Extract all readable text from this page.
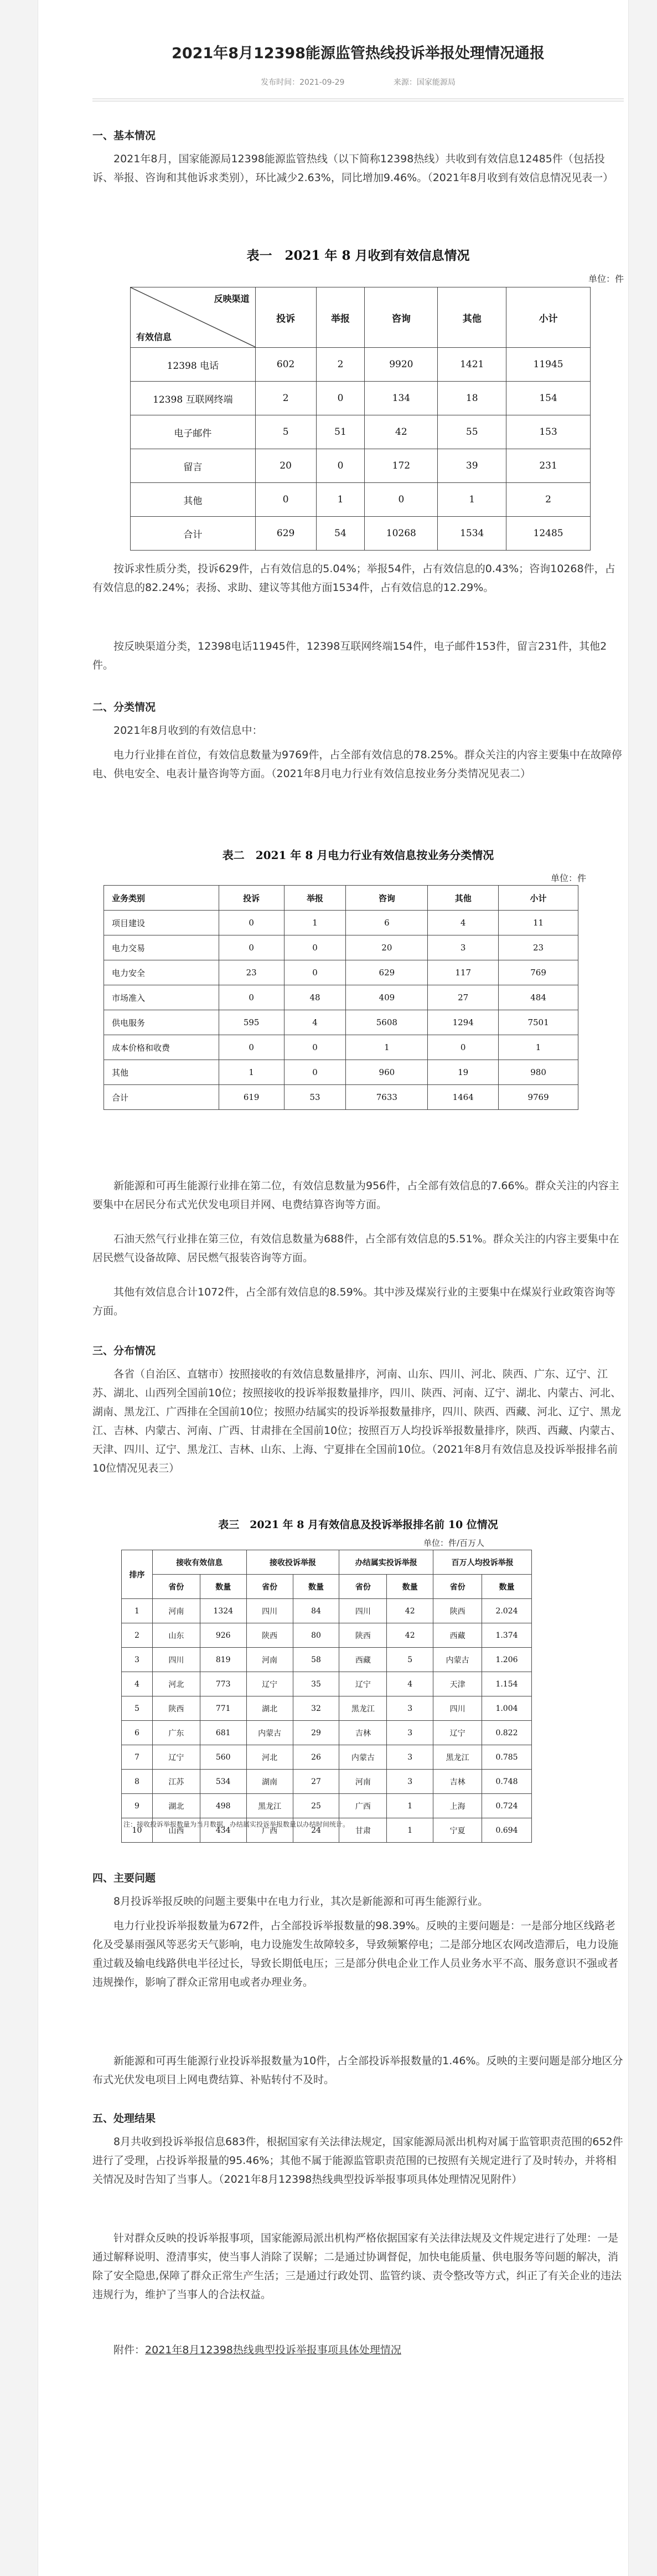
2021年8月12398能源监管热线投诉举报处理情况通报
发布时间：2021-09-29	来源：国家能源局
一、基本情况

2021年8月，国家能源局12398能源监管热线（以下简称12398热线）共收到有效信息12485件（包括投诉、举报、咨询和其他诉求类别），环比减少2.63%，同比增加9.46%。（2021年8月收到有效信息情况见表一）

表一　2021 年 8 月收到有效信息情况
单位：件
反映渠道
有效信息	投诉	举报	咨询	其他	小计
12398 电话	602	2	9920	1421	11945
12398 互联网终端	2	0	134	18	154
电子邮件	5	51	42	55	153
留言	20	0	172	39	231
其他	0	1	0	1	2
合计	629	54	10268	1534	12485

按诉求性质分类，投诉629件，占有效信息的5.04%；举报54件，占有效信息的0.43%；咨询10268件，占有效信息的82.24%；表扬、求助、建议等其他方面1534件，占有效信息的12.29%。

按反映渠道分类，12398电话11945件，12398互联网终端154件，电子邮件153件，留言231件，其他2件。

二、分类情况

2021年8月收到的有效信息中：

电力行业排在首位，有效信息数量为9769件，占全部有效信息的78.25%。群众关注的内容主要集中在故障停电、供电安全、电表计量咨询等方面。（2021年8月电力行业有效信息按业务分类情况见表二）

表二　2021 年 8 月电力行业有效信息按业务分类情况
单位：件
业务类别	投诉	举报	咨询	其他	小计
项目建设	0	1	6	4	11
电力交易	0	0	20	3	23
电力安全	23	0	629	117	769
市场准入	0	48	409	27	484
供电服务	595	4	5608	1294	7501
成本价格和收费	0	0	1	0	1
其他	1	0	960	19	980
合计	619	53	7633	1464	9769

新能源和可再生能源行业排在第二位，有效信息数量为956件，占全部有效信息的7.66%。群众关注的内容主要集中在居民分布式光伏发电项目并网、电费结算咨询等方面。

石油天然气行业排在第三位，有效信息数量为688件，占全部有效信息的5.51%。群众关注的内容主要集中在居民燃气设备故障、居民燃气报装咨询等方面。

其他有效信息合计1072件，占全部有效信息的8.59%。其中涉及煤炭行业的主要集中在煤炭行业政策咨询等方面。

三、分布情况

各省（自治区、直辖市）按照接收的有效信息数量排序，河南、山东、四川、河北、陕西、广东、辽宁、江苏、湖北、山西列全国前10位；按照接收的投诉举报数量排序，四川、陕西、河南、辽宁、湖北、内蒙古、河北、湖南、黑龙江、广西排在全国前10位；按照办结属实的投诉举报数量排序，四川、陕西、西藏、河北、辽宁、黑龙江、吉林、内蒙古、河南、广西、甘肃排在全国前10位；按照百万人均投诉举报数量排序，陕西、西藏、内蒙古、天津、四川、辽宁、黑龙江、吉林、山东、上海、宁夏排在全国前10位。（2021年8月有效信息及投诉举报排名前10位情况见表三）

表三　2021 年 8 月有效信息及投诉举报排名前 10 位情况
单位：件/百万人
排序	接收有效信息		接收投诉举报		办结属实投诉举报		百万人均投诉举报	
	省份	数量	省份	数量	省份	数量	省份	数量
1	河南	1324	四川	84	四川	42	陕西	2.024
2	山东	926	陕西	80	陕西	42	西藏	1.374
3	四川	819	河南	58	西藏	5	内蒙古	1.206
4	河北	773	辽宁	35	辽宁	4	天津	1.154
5	陕西	771	湖北	32	黑龙江	3	四川	1.004
6	广东	681	内蒙古	29	吉林	3	辽宁	0.822
7	辽宁	560	河北	26	内蒙古	3	黑龙江	0.785
8	江苏	534	湖南	27	河南	3	吉林	0.748
9	湖北	498	黑龙江	25	广西	1	上海	0.724
10	山西	434	广西	24	甘肃	1	宁夏	0.694
注：接收投诉举报数量为当月数据，办结属实投诉举报数量以办结时间统计。
四、主要问题

8月投诉举报反映的问题主要集中在电力行业，其次是新能源和可再生能源行业。

电力行业投诉举报数量为672件，占全部投诉举报数量的98.39%。反映的主要问题是：一是部分地区线路老化及受暴雨强风等恶劣天气影响，电力设施发生故障较多，导致频繁停电；二是部分地区农网改造滞后，电力设施重过载及输电线路供电半径过长，导致长期低电压；三是部分供电企业工作人员业务水平不高、服务意识不强或者违规操作，影响了群众正常用电或者办理业务。

新能源和可再生能源行业投诉举报数量为10件，占全部投诉举报数量的1.46%。反映的主要问题是部分地区分布式光伏发电项目上网电费结算、补贴转付不及时。

五、处理结果

8月共收到投诉举报信息683件，根据国家有关法律法规定，国家能源局派出机构对属于监管职责范围的652件进行了受理，占投诉举报量的95.46%；其他不属于能源监管职责范围的已按照有关规定进行了及时转办，并将相关情况及时告知了当事人。（2021年8月12398热线典型投诉举报事项具体处理情况见附件）

针对群众反映的投诉举报事项，国家能源局派出机构严格依据国家有关法律法规及文件规定进行了处理：一是通过解释说明、澄清事实，使当事人消除了误解；二是通过协调督促，加快电能质量、供电服务等问题的解决，消除了安全隐患,保障了群众正常生产生活；三是通过行政处罚、监管约谈、责令整改等方式，纠正了有关企业的违法违规行为，维护了当事人的合法权益。

附件：2021年8月12398热线典型投诉举报事项具体处理情况
